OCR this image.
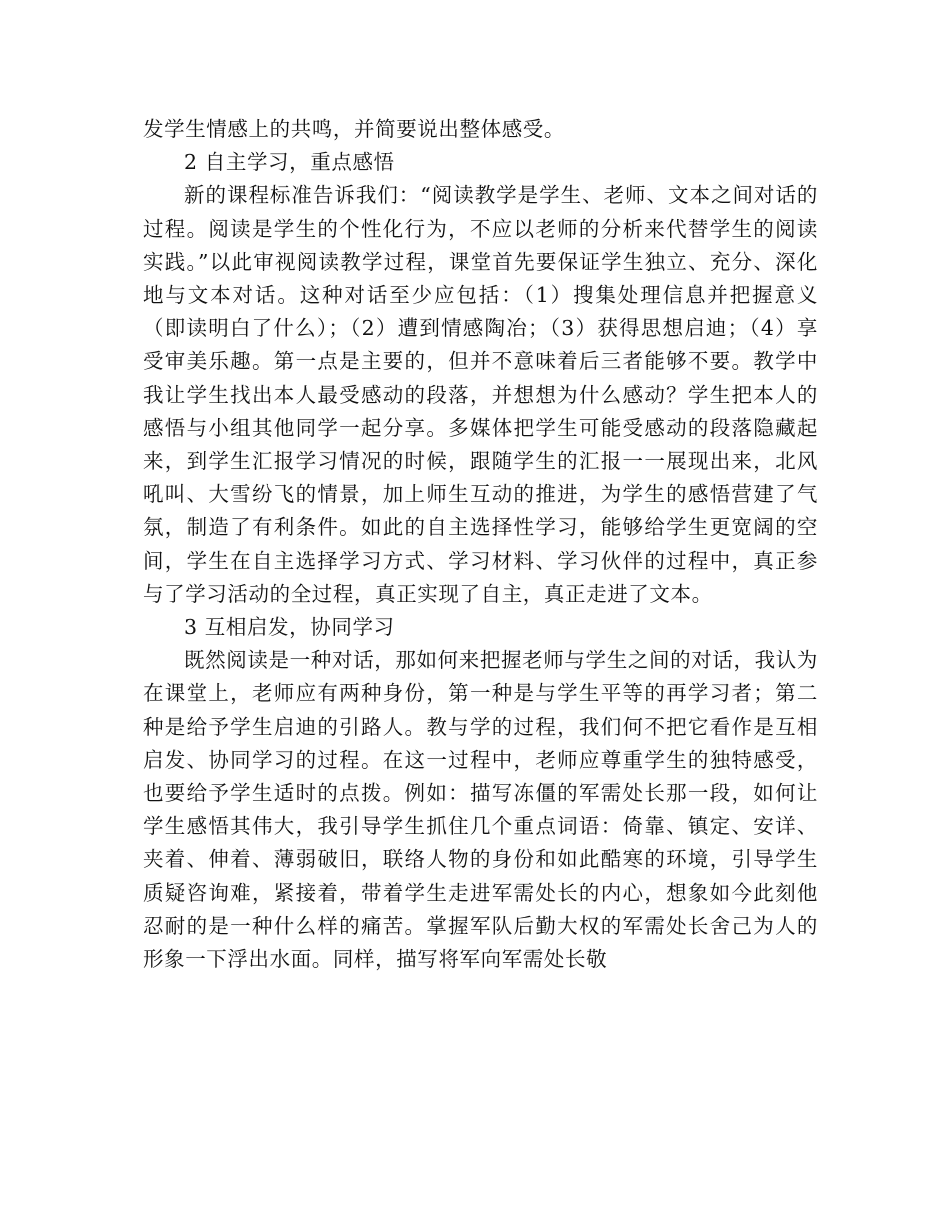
发学生情感上的共鸣，并简要说出整体感受。

2 自主学习，重点感悟

新的课程标准告诉我们：“阅读教学是学生、老师、文本之间对话的过程。阅读是学生的个性化行为，不应以老师的分析来代替学生的阅读实践。”以此审视阅读教学过程，课堂首先要保证学生独立、充分、深化地与文本对话。这种对话至少应包括：（1）搜集处理信息并把握意义（即读明白了什么）；（2）遭到情感陶冶；（3）获得思想启迪；（4）享受审美乐趣。第一点是主要的，但并不意味着后三者能够不要。教学中我让学生找出本人最受感动的段落，并想想为什么感动？学生把本人的感悟与小组其他同学一起分享。多媒体把学生可能受感动的段落隐藏起来，到学生汇报学习情况的时候，跟随学生的汇报一一展现出来，北风吼叫、大雪纷飞的情景，加上师生互动的推进，为学生的感悟营建了气氛，制造了有利条件。如此的自主选择性学习，能够给学生更宽阔的空间，学生在自主选择学习方式、学习材料、学习伙伴的过程中，真正参与了学习活动的全过程，真正实现了自主，真正走进了文本。

3 互相启发，协同学习

既然阅读是一种对话，那如何来把握老师与学生之间的对话，我认为在课堂上，老师应有两种身份，第一种是与学生平等的再学习者；第二种是给予学生启迪的引路人。教与学的过程，我们何不把它看作是互相启发、协同学习的过程。在这一过程中，老师应尊重学生的独特感受，也要给予学生适时的点拨。例如：描写冻僵的军需处长那一段，如何让学生感悟其伟大，我引导学生抓住几个重点词语：倚靠、镇定、安详、夹着、伸着、薄弱破旧，联络人物的身份和如此酷寒的环境，引导学生质疑咨询难，紧接着，带着学生走进军需处长的内心，想象如今此刻他忍耐的是一种什么样的痛苦。掌握军队后勤大权的军需处长舍己为人的形象一下浮出水面。同样，描写将军向军需处长敬
